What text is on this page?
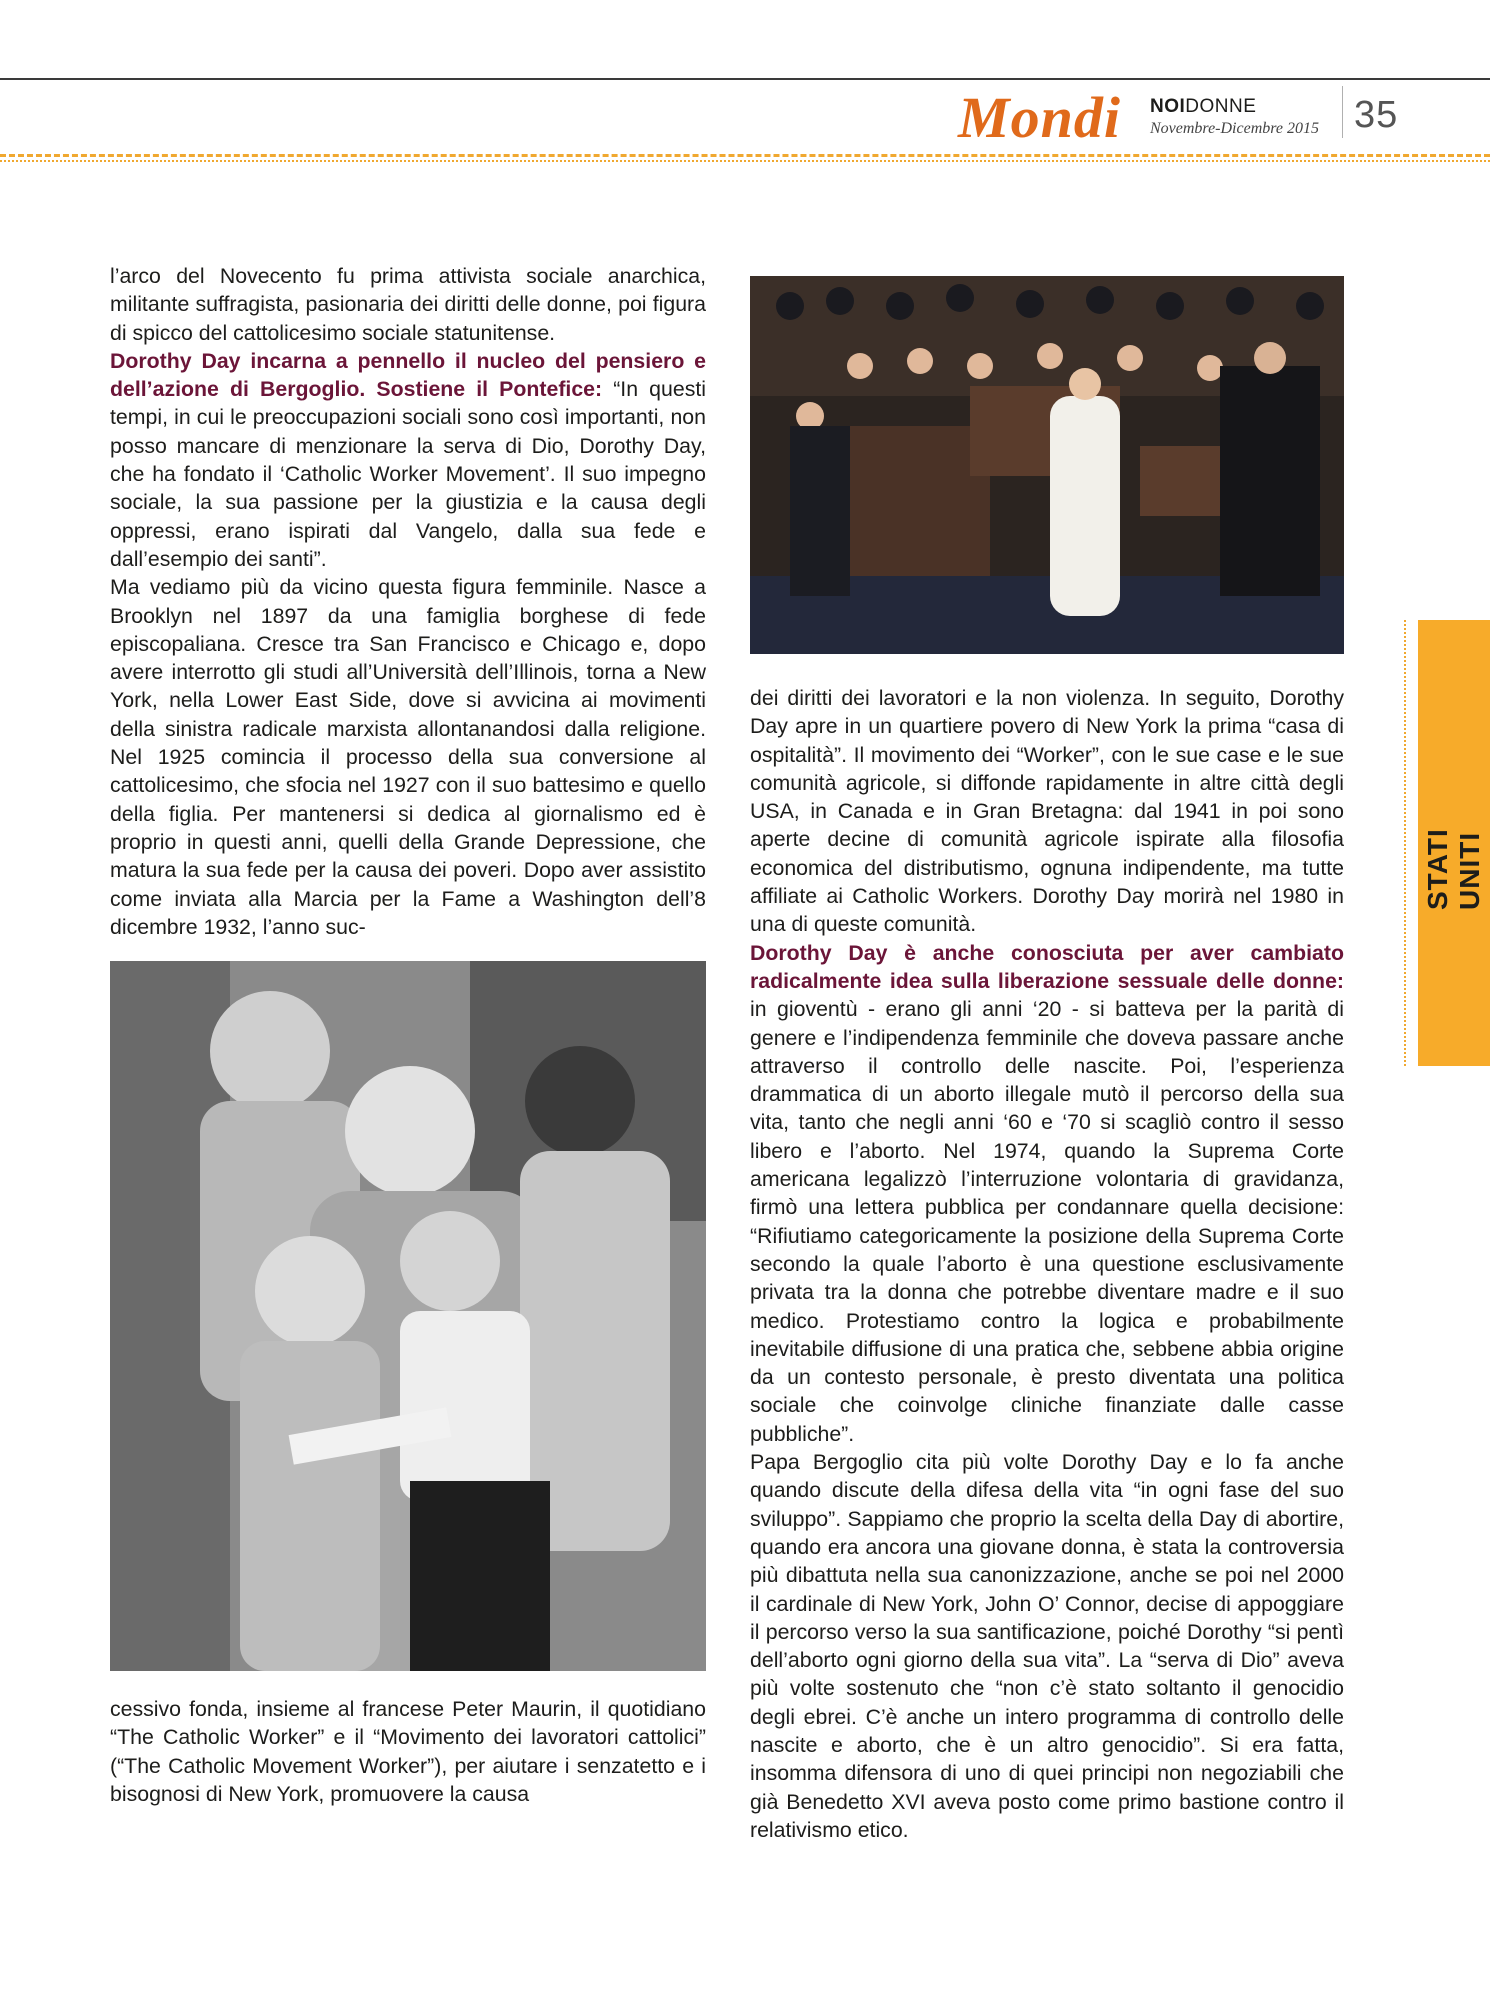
Mondi NOIDONNE
Novembre-Dicembre 2015 35

l’arco del Novecento fu prima attivista sociale anarchica, militante suffragista, pasionaria dei diritti delle donne, poi figura di spicco del cattolicesimo sociale statunitense.

Dorothy Day incarna a pennello il nucleo del pensiero e dell’azione di Bergoglio. Sostiene il Pontefice: “In questi tempi, in cui le preoccupazioni sociali sono così importanti, non posso mancare di menzionare la serva di Dio, Dorothy Day, che ha fondato il ‘Catholic Worker Movement’. Il suo impegno sociale, la sua passione per la giustizia e la causa degli oppressi, erano ispirati dal Vangelo, dalla sua fede e dall’esempio dei santi”.

Ma vediamo più da vicino questa figura femminile. Nasce a Brooklyn nel 1897 da una famiglia borghese di fede episcopaliana. Cresce tra San Francisco e Chicago e, dopo avere interrotto gli studi all’Università dell’Illinois, torna a New York, nella Lower East Side, dove si avvicina ai movimenti della sinistra radicale marxista allontanandosi dalla religione. Nel 1925 comincia il processo della sua conversione al cattolicesimo, che sfocia nel 1927 con il suo battesimo e quello della figlia. Per mantenersi si dedica al giornalismo ed è proprio in questi anni, quelli della Grande Depressione, che matura la sua fede per la causa dei poveri. Dopo aver assistito come inviata alla Marcia per la Fame a Washington dell’8 dicembre 1932, l’anno suc-

cessivo fonda, insieme al francese Peter Maurin, il quotidiano “The Catholic Worker” e il “Movimento dei lavoratori cattolici” (“The Catholic Movement Worker”), per aiutare i senzatetto e i bisognosi di New York, promuovere la causa

dei diritti dei lavoratori e la non violenza. In seguito, Dorothy Day apre in un quartiere povero di New York la prima “casa di ospitalità”. Il movimento dei “Worker”, con le sue case e le sue comunità agricole, si diffonde rapidamente in altre città degli USA, in Canada e in Gran Bretagna: dal 1941 in poi sono aperte decine di comunità agricole ispirate alla filosofia economica del distributismo, ognuna indipendente, ma tutte affiliate ai Catholic Workers. Dorothy Day morirà nel 1980 in una di queste comunità.

Dorothy Day è anche conosciuta per aver cambiato radicalmente idea sulla liberazione sessuale delle donne: in gioventù - erano gli anni ‘20 - si batteva per la parità di genere e l’indipendenza femminile che doveva passare anche attraverso il controllo delle nascite. Poi, l’esperienza drammatica di un aborto illegale mutò il percorso della sua vita, tanto che negli anni ‘60 e ‘70 si scagliò contro il sesso libero e l’aborto. Nel 1974, quando la Suprema Corte americana legalizzò l’interruzione volontaria di gravidanza, firmò una lettera pubblica per condannare quella decisione: “Rifiutiamo categoricamente la posizione della Suprema Corte secondo la quale l’aborto è una questione esclusivamente privata tra la donna che potrebbe diventare madre e il suo medico. Protestiamo contro la logica e probabilmente inevitabile diffusione di una pratica che, sebbene abbia origine da un contesto personale, è presto diventata una politica sociale che coinvolge cliniche finanziate dalle casse pubbliche”.

Papa Bergoglio cita più volte Dorothy Day e lo fa anche quando discute della difesa della vita “in ogni fase del suo sviluppo”. Sappiamo che proprio la scelta della Day di abortire, quando era ancora una giovane donna, è stata la controversia più dibattuta nella sua canonizzazione, anche se poi nel 2000 il cardinale di New York, John O’ Connor, decise di appoggiare il percorso verso la sua santificazione, poiché Dorothy “si pentì dell’aborto ogni giorno della sua vita”. La “serva di Dio” aveva più volte sostenuto che “non c’è stato soltanto il genocidio degli ebrei. C’è anche un intero programma di controllo delle nascite e aborto, che è un altro genocidio”. Si era fatta, insomma difensora di uno di quei principi non negoziabili che già Benedetto XVI aveva posto come primo bastione contro il relativismo etico.

STATI UNITI
